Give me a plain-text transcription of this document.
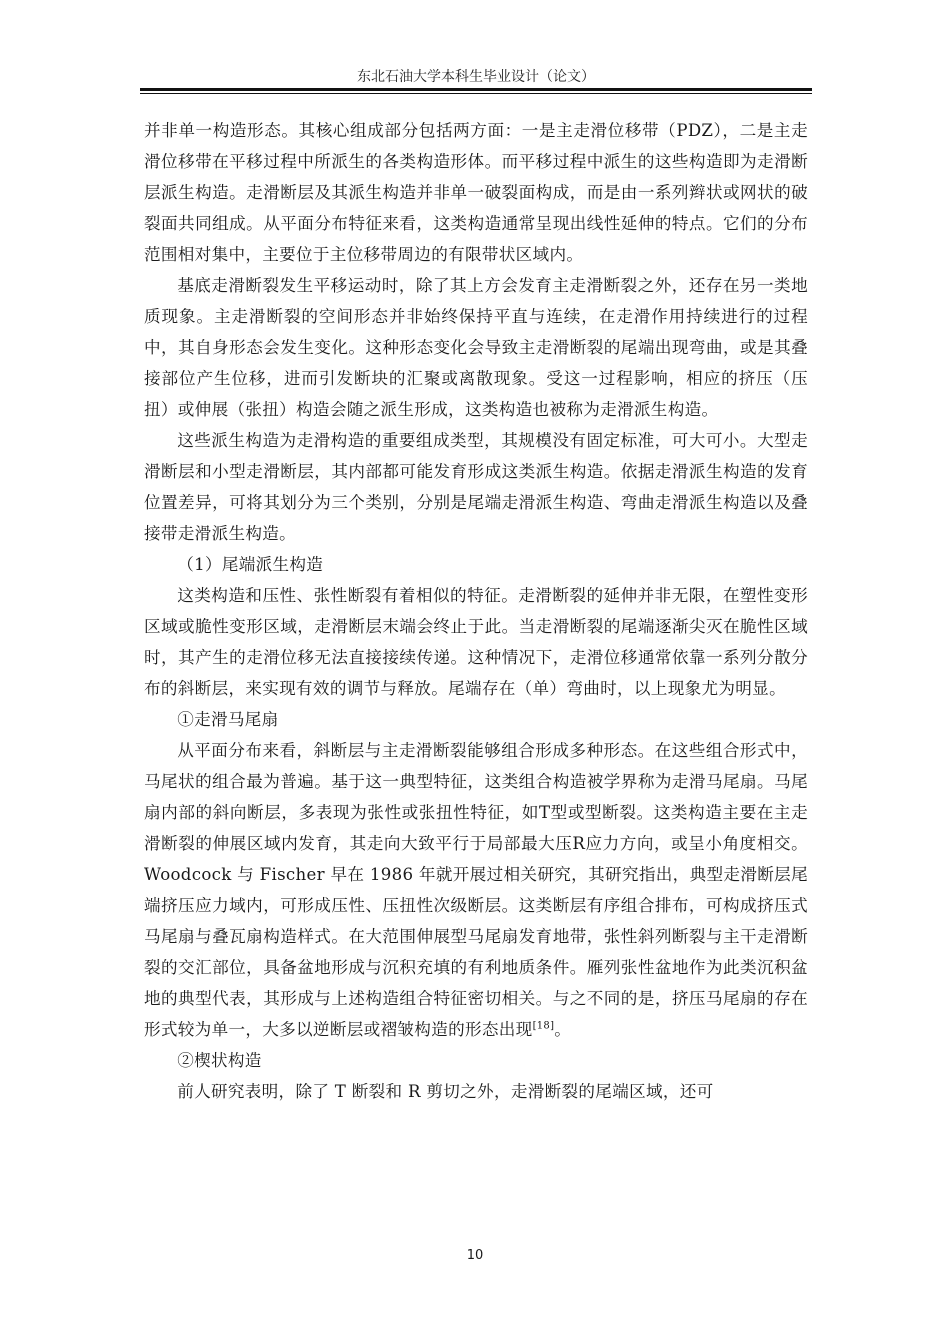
东北石油大学本科生毕业设计（论文）

并非单一构造形态。其核心组成部分包括两方面：一是主走滑位移带（PDZ），二是主走滑位移带在平移过程中所派生的各类构造形体。而平移过程中派生的这些构造即为走滑断层派生构造。走滑断层及其派生构造并非单一破裂面构成，而是由一系列辫状或网状的破裂面共同组成。从平面分布特征来看，这类构造通常呈现出线性延伸的特点。它们的分布范围相对集中，主要位于主位移带周边的有限带状区域内。

基底走滑断裂发生平移运动时，除了其上方会发育主走滑断裂之外，还存在另一类地质现象。主走滑断裂的空间形态并非始终保持平直与连续，在走滑作用持续进行的过程中，其自身形态会发生变化。这种形态变化会导致主走滑断裂的尾端出现弯曲，或是其叠接部位产生位移，进而引发断块的汇聚或离散现象。受这一过程影响，相应的挤压（压扭）或伸展（张扭）构造会随之派生形成，这类构造也被称为走滑派生构造。

这些派生构造为走滑构造的重要组成类型，其规模没有固定标准，可大可小。大型走滑断层和小型走滑断层，其内部都可能发育形成这类派生构造。依据走滑派生构造的发育位置差异，可将其划分为三个类别，分别是尾端走滑派生构造、弯曲走滑派生构造以及叠接带走滑派生构造。

（1）尾端派生构造

这类构造和压性、张性断裂有着相似的特征。走滑断裂的延伸并非无限，在塑性变形区域或脆性变形区域，走滑断层末端会终止于此。当走滑断裂的尾端逐渐尖灭在脆性区域时，其产生的走滑位移无法直接接续传递。这种情况下，走滑位移通常依靠一系列分散分布的斜断层，来实现有效的调节与释放。尾端存在（单）弯曲时，以上现象尤为明显。

①走滑马尾扇

从平面分布来看，斜断层与主走滑断裂能够组合形成多种形态。在这些组合形式中，马尾状的组合最为普遍。基于这一典型特征，这类组合构造被学界称为走滑马尾扇。马尾扇内部的斜向断层，多表现为张性或张扭性特征，如T型或型断裂。这类构造主要在主走滑断裂的伸展区域内发育，其走向大致平行于局部最大压R应力方向，或呈小角度相交。Woodcock 与 Fischer 早在 1986 年就开展过相关研究，其研究指出，典型走滑断层尾端挤压应力域内，可形成压性、压扭性次级断层。这类断层有序组合排布，可构成挤压式马尾扇与叠瓦扇构造样式。在大范围伸展型马尾扇发育地带，张性斜列断裂与主干走滑断裂的交汇部位，具备盆地形成与沉积充填的有利地质条件。雁列张性盆地作为此类沉积盆地的典型代表，其形成与上述构造组合特征密切相关。与之不同的是，挤压马尾扇的存在形式较为单一，大多以逆断层或褶皱构造的形态出现[18]。

②楔状构造

前人研究表明，除了 T 断裂和 R 剪切之外，走滑断裂的尾端区域，还可

10
